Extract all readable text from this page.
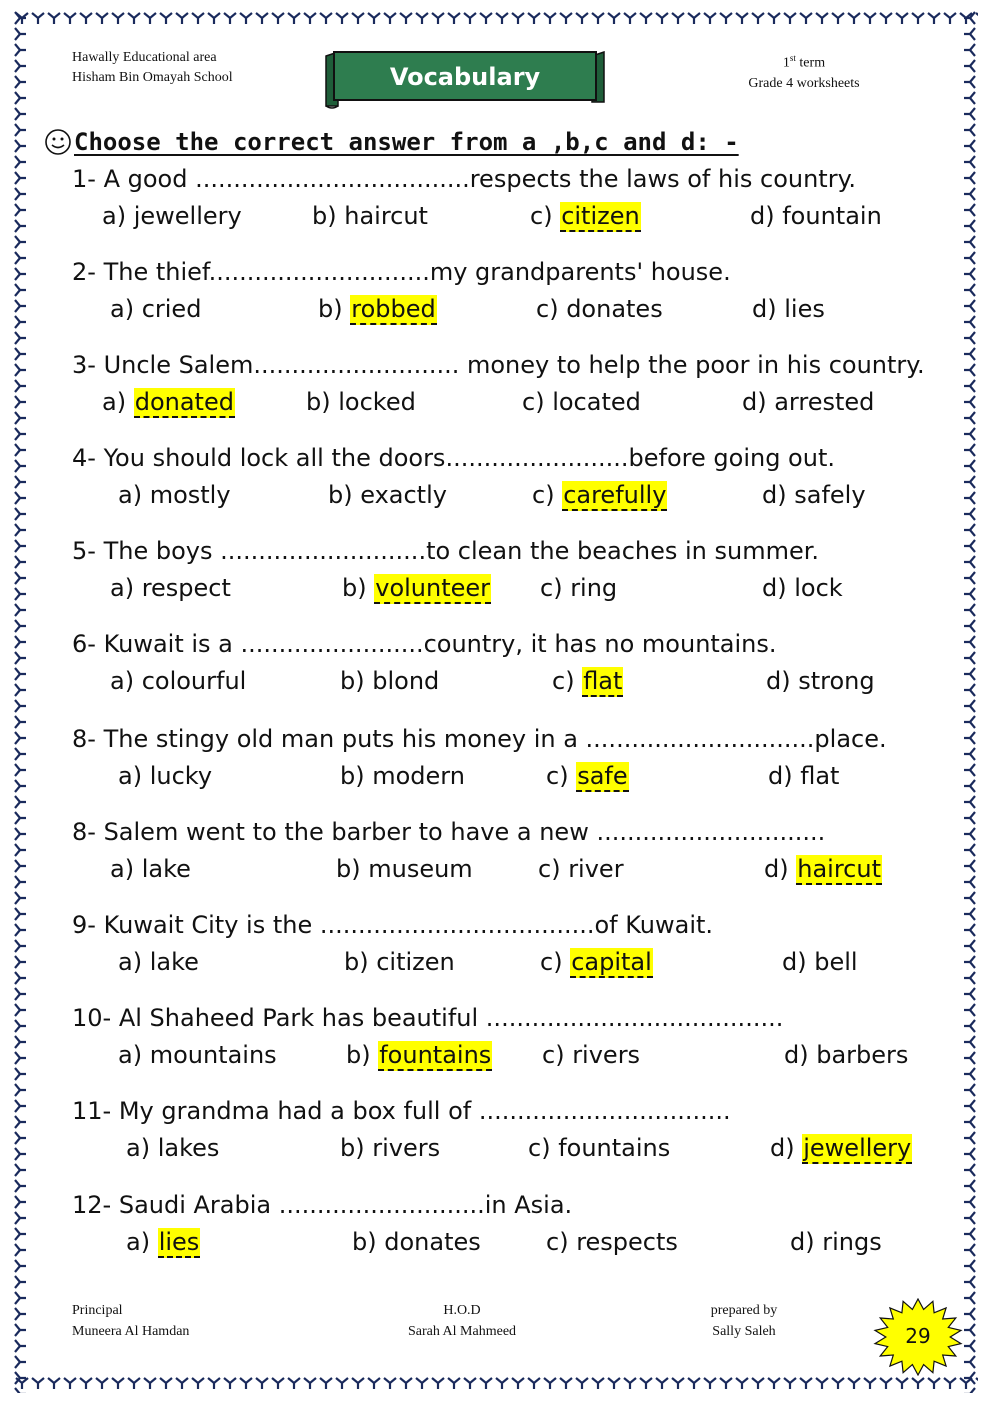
Hawally Educational area
Hisham Bin Omayah School
1st term
Grade 4 worksheets
Vocabulary
Choose the correct answer from a ,b,c and d: -
1- A good ....................................respects the laws of his country.
a) jewellery	b) haircut	c) citizen	d) fountain
2- The thief.............................my grandparents' house.
a) cried	b) robbed	c) donates	d) lies
3- Uncle Salem........................... money to help the poor in his country.
a) donated	b) locked	c) located	d) arrested
4- You should lock all the doors........................before going out.
a) mostly	b) exactly	c) carefully	d) safely
5- The boys ...........................to clean the beaches in summer.
a) respect	b) volunteer c) ring	d) lock
6- Kuwait is a ........................country, it has no mountains.
a) colourful	b) blond	c) flat	d) strong
8- The stingy old man puts his money in a ..............................place.
a) lucky	b) modern	c) safe	d) flat
8- Salem went to the barber to have a new ..............................
a) lake	b) museum	c) river	d) haircut
9- Kuwait City is the ....................................of Kuwait.
a) lake	b) citizen	c) capital	d) bell
10- Al Shaheed Park has beautiful .......................................
a) mountains	b) fountains c) rivers	d) barbers
11- My grandma had a box full of .................................
a) lakes	b) rivers	c) fountains	d) jewellery
12- Saudi Arabia ...........................in Asia.
a) lies	b) donates	c) respects	d) rings
Principal
Muneera Al Hamdan
H.O.D
Sarah Al Mahmeed
prepared by
Sally Saleh	29
